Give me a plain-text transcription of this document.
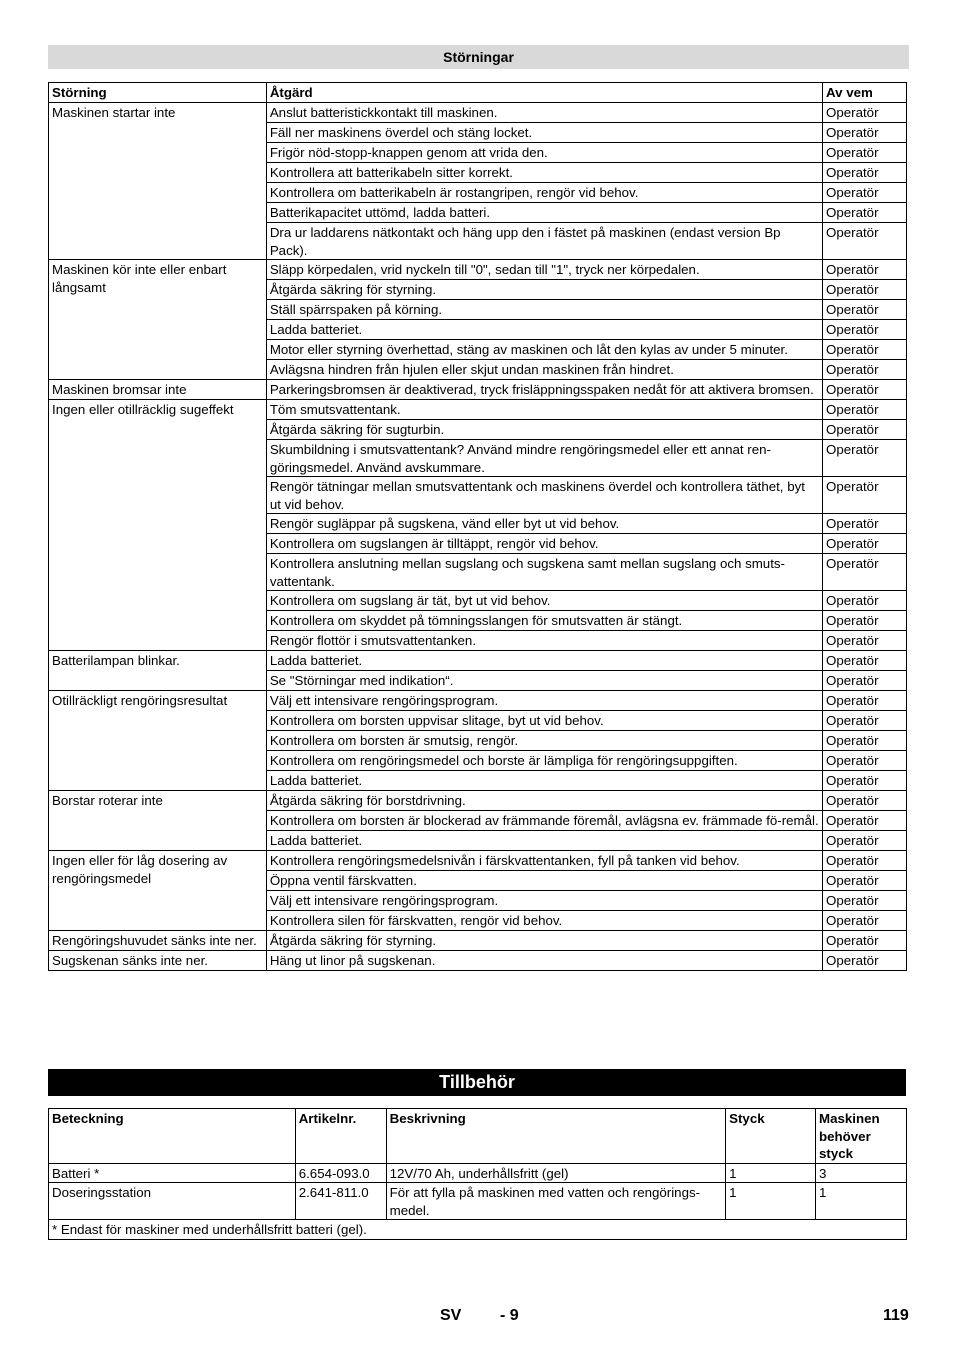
Störningar
Störning	Åtgärd	Av vem
Maskinen startar inte	Anslut batteristickkontakt till maskinen.	Operatör
	Fäll ner maskinens överdel och stäng locket.	Operatör
	Frigör nöd-stopp-knappen genom att vrida den.	Operatör
	Kontrollera att batterikabeln sitter korrekt.	Operatör
	Kontrollera om batterikabeln är rostangripen, rengör vid behov.	Operatör
	Batterikapacitet uttömd, ladda batteri.	Operatör
	Dra ur laddarens nätkontakt och häng upp den i fästet på maskinen (endast version Bp Pack).	Operatör
Maskinen kör inte eller enbart långsamt	Släpp körpedalen, vrid nyckeln till "0", sedan till "1", tryck ner körpedalen.	Operatör
	Åtgärda säkring för styrning.	Operatör
	Ställ spärrspaken på körning.	Operatör
	Ladda batteriet.	Operatör
	Motor eller styrning överhettad, stäng av maskinen och låt den kylas av under 5 minuter.	Operatör
	Avlägsna hindren från hjulen eller skjut undan maskinen från hindret.	Operatör
Maskinen bromsar inte	Parkeringsbromsen är deaktiverad, tryck frisläppningsspaken nedåt för att aktivera bromsen.	Operatör
Ingen eller otillräcklig sugeffekt	Töm smutsvattentank.	Operatör
	Åtgärda säkring för sugturbin.	Operatör
	Skumbildning i smutsvattentank? Använd mindre rengöringsmedel eller ett annat ren-göringsmedel. Använd avskummare.	Operatör
	Rengör tätningar mellan smutsvattentank och maskinens överdel och kontrollera täthet, byt ut vid behov.	Operatör
	Rengör sugläppar på sugskena, vänd eller byt ut vid behov.	Operatör
	Kontrollera om sugslangen är tilltäppt, rengör vid behov.	Operatör
	Kontrollera anslutning mellan sugslang och sugskena samt mellan sugslang och smuts-vattentank.	Operatör
	Kontrollera om sugslang är tät, byt ut vid behov.	Operatör
	Kontrollera om skyddet på tömningsslangen för smutsvatten är stängt.	Operatör
	Rengör flottör i smutsvattentanken.	Operatör
Batterilampan blinkar.	Ladda batteriet.	Operatör
	Se "Störningar med indikation“.	Operatör
Otillräckligt rengöringsresultat	Välj ett intensivare rengöringsprogram.	Operatör
	Kontrollera om borsten uppvisar slitage, byt ut vid behov.	Operatör
	Kontrollera om borsten är smutsig, rengör.	Operatör
	Kontrollera om rengöringsmedel och borste är lämpliga för rengöringsuppgiften.	Operatör
	Ladda batteriet.	Operatör
Borstar roterar inte	Åtgärda säkring för borstdrivning.	Operatör
	Kontrollera om borsten är blockerad av främmande föremål, avlägsna ev. främmade fö-remål.	Operatör
	Ladda batteriet.	Operatör
Ingen eller för låg dosering av rengöringsmedel	Kontrollera rengöringsmedelsnivån i färskvattentanken, fyll på tanken vid behov.	Operatör
	Öppna ventil färskvatten.	Operatör
	Välj ett intensivare rengöringsprogram.	Operatör
	Kontrollera silen för färskvatten, rengör vid behov.	Operatör
Rengöringshuvudet sänks inte ner.	Åtgärda säkring för styrning.	Operatör
Sugskenan sänks inte ner.	Häng ut linor på sugskenan.	Operatör
Tillbehör
Beteckning	Artikelnr.	Beskrivning	Styck	Maskinen behöver styck
Batteri *	6.654-093.0	12V/70 Ah, underhållsfritt (gel)	1	3
Doseringsstation	2.641-811.0	För att fylla på maskinen med vatten och rengörings-medel.	1	1
* Endast för maskiner med underhållsfritt batteri (gel).				
SV - 9	119
